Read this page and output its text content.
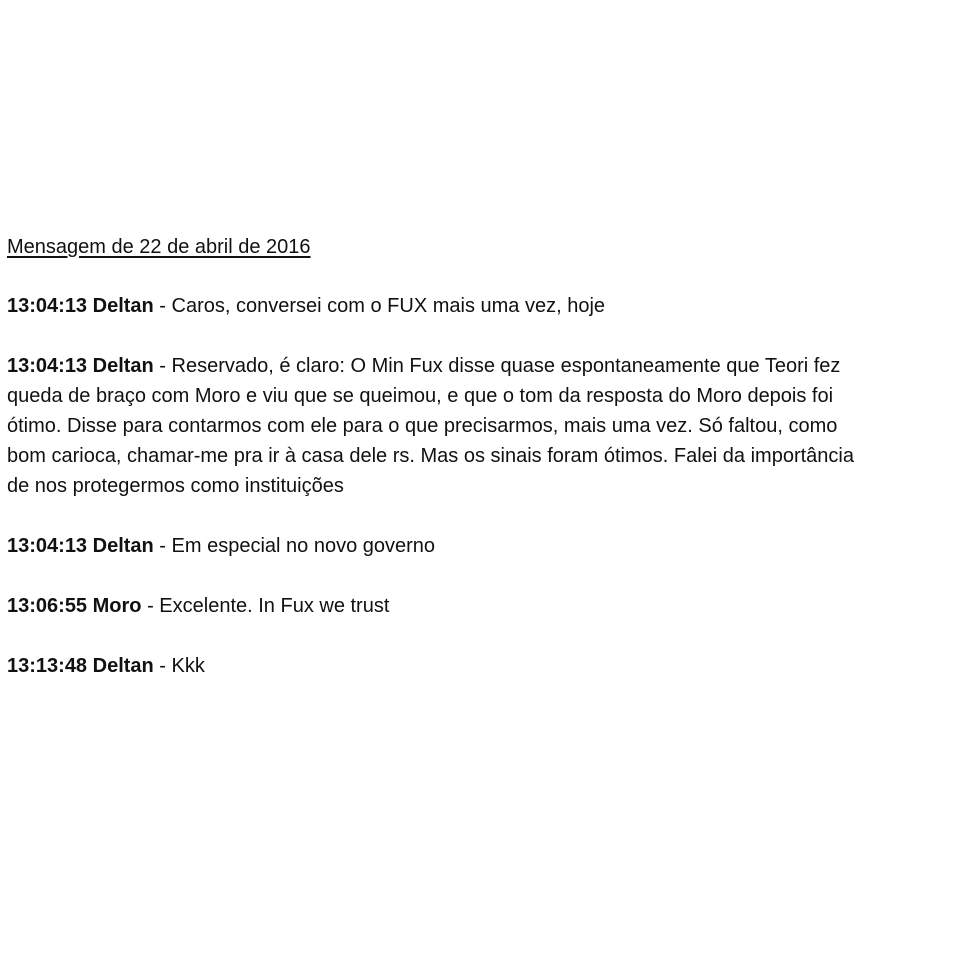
Mensagem de 22 de abril de 2016
13:04:13 Deltan - Caros, conversei com o FUX mais uma vez, hoje
13:04:13 Deltan - Reservado, é claro: O Min Fux disse quase espontaneamente que Teori fez
queda de braço com Moro e viu que se queimou, e que o tom da resposta do Moro depois foi
ótimo. Disse para contarmos com ele para o que precisarmos, mais uma vez. Só faltou, como
bom carioca, chamar-me pra ir à casa dele rs. Mas os sinais foram ótimos. Falei da importância
de nos protegermos como instituições
13:04:13 Deltan - Em especial no novo governo
13:06:55 Moro - Excelente. In Fux we trust
13:13:48 Deltan - Kkk
